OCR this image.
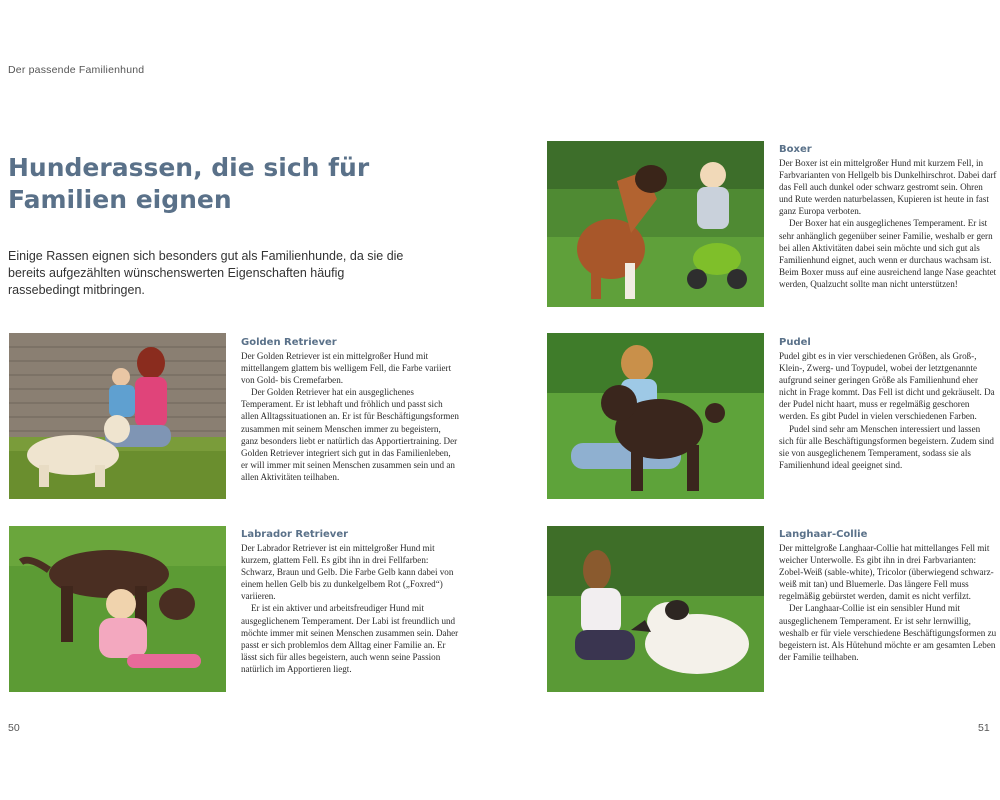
Der passende Familienhund
Hunderassen, die sich für Familien eignen

Einige Rassen eignen sich besonders gut als Familienhunde, da sie die bereits aufgezählten wünschenswerten Eigenschaften häufig rassebedingt mitbringen.

Golden Retriever

Der Golden Retriever ist ein mittelgroßer Hund mit mittellangem glattem bis welligem Fell, die Farbe variiert von Gold- bis Cremefarben.

Der Golden Retriever hat ein ausgeglichenes Temperament. Er ist lebhaft und fröhlich und passt sich allen Alltagssituationen an. Er ist für Beschäftigungsformen zusammen mit seinem Menschen immer zu begeistern, ganz besonders liebt er natürlich das Apportiertraining. Der Golden Retriever integriert sich gut in das Familienleben, er will immer mit seinen Menschen zusammen sein und an allen Aktivitäten teilhaben.

Labrador Retriever

Der Labrador Retriever ist ein mittelgroßer Hund mit kurzem, glattem Fell. Es gibt ihn in drei Fellfarben: Schwarz, Braun und Gelb. Die Farbe Gelb kann dabei von einem hellen Gelb bis zu dunkelgelbem Rot („Foxred“) variieren.

Er ist ein aktiver und arbeitsfreudiger Hund mit ausgeglichenem Temperament. Der Labi ist freundlich und möchte immer mit seinen Menschen zusammen sein. Daher passt er sich problemlos dem Alltag einer Familie an. Er lässt sich für alles begeistern, auch wenn seine Passion natürlich im Apportieren liegt.

Boxer

Der Boxer ist ein mittelgroßer Hund mit kurzem Fell, in Farbvarianten von Hellgelb bis Dunkelhirschrot. Dabei darf das Fell auch dunkel oder schwarz gestromt sein. Ohren und Rute werden naturbelassen, Kupieren ist heute in fast ganz Europa verboten.

Der Boxer hat ein ausgeglichenes Temperament. Er ist sehr anhänglich gegenüber seiner Familie, weshalb er gern bei allen Aktivitäten dabei sein möchte und sich gut als Familienhund eignet, auch wenn er durchaus wachsam ist. Beim Boxer muss auf eine ausreichend lange Nase geachtet werden, Qualzucht sollte man nicht unterstützen!

Pudel

Pudel gibt es in vier verschiedenen Größen, als Groß-, Klein-, Zwerg- und Toypudel, wobei der letztgenannte aufgrund seiner geringen Größe als Familienhund eher nicht in Frage kommt. Das Fell ist dicht und gekräuselt. Da der Pudel nicht haart, muss er regelmäßig geschoren werden. Es gibt Pudel in vielen verschiedenen Farben.

Pudel sind sehr am Menschen interessiert und lassen sich für alle Beschäftigungsformen begeistern. Zudem sind sie von ausgeglichenem Temperament, sodass sie als Familienhund ideal geeignet sind.

Langhaar-Collie

Der mittelgroße Langhaar-Collie hat mittellanges Fell mit weicher Unterwolle. Es gibt ihn in drei Farbvarianten: Zobel-Weiß (sable-white), Tricolor (überwiegend schwarz-weiß mit tan) und Bluemerle. Das längere Fell muss regelmäßig gebürstet werden, damit es nicht verfilzt.

Der Langhaar-Collie ist ein sensibler Hund mit ausgeglichenem Temperament. Er ist sehr lernwillig, weshalb er für viele verschiedene Beschäftigungsformen zu begeistern ist. Als Hütehund möchte er am gesamten Leben der Familie teilhaben.

50	51
